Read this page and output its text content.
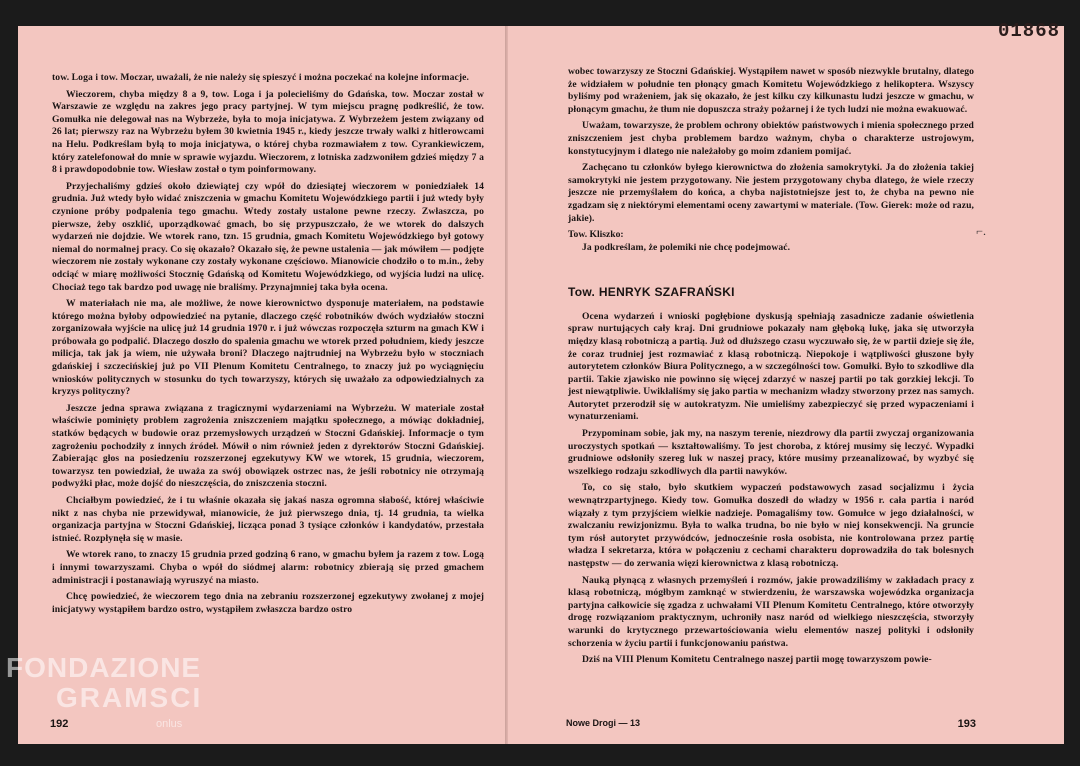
tow. Loga i tow. Moczar, uważali, że nie należy się spieszyć i można poczekać na kolejne informacje.

Wieczorem, chyba między 8 a 9, tow. Loga i ja polecieliśmy do Gdańska, tow. Moczar został w Warszawie ze względu na zakres jego pracy partyjnej. W tym miejscu pragnę podkreślić, że tow. Gomułka nie delegował nas na Wybrzeże, była to moja inicjatywa. Z Wybrzeżem jestem związany od 26 lat; pierwszy raz na Wybrzeżu byłem 30 kwietnia 1945 r., kiedy jeszcze trwały walki z hitlerowcami na Helu. Podkreślam byłą to moja inicjatywa, o której chyba rozmawiałem z tow. Cyrankiewiczem, który zatelefonował do mnie w sprawie wyjazdu. Wieczorem, z lotniska zadzwoniłem gdzieś między 7 a 8 i prawdopodobnie tow. Wiesław został o tym poinformowany.

Przyjechaliśmy gdzieś około dziewiątej czy wpół do dziesiątej wieczorem w poniedziałek 14 grudnia. Już wtedy było widać zniszczenia w gmachu Komitetu Wojewódzkiego partii i już wtedy były czynione próby podpalenia tego gmachu. Wtedy zostały ustalone pewne rzeczy. Zwłaszcza, po pierwsze, żeby oszklić, uporządkować gmach, bo się przypuszczało, że we wtorek do dalszych wydarzeń nie dojdzie. We wtorek rano, tzn. 15 grudnia, gmach Komitetu Wojewódzkiego był gotowy niemal do normalnej pracy. Co się okazało? Okazało się, że pewne ustalenia — jak mówiłem — podjęte wieczorem nie zostały wykonane czy zostały wykonane częściowo. Mianowicie chodziło o to m.in., żeby odciąć w miarę możliwości Stocznię Gdańską od Komitetu Wojewódzkiego, od wyjścia ludzi na ulicę. Chociaż tego tak bardzo pod uwagę nie braliśmy. Przynajmniej taka była ocena.

W materiałach nie ma, ale możliwe, że nowe kierownictwo dysponuje materiałem, na podstawie którego można byłoby odpowiedzieć na pytanie, dlaczego część robotników dwóch wydziałów stoczni zorganizowała wyjście na ulicę już 14 grudnia 1970 r. i już wówczas rozpoczęła szturm na gmach KW i próbowała go podpalić. Dlaczego doszło do spalenia gmachu we wtorek przed południem, kiedy jeszcze milicja, tak jak ja wiem, nie używała broni? Dlaczego najtrudniej na Wybrzeżu było w stoczniach gdańskiej i szczecińskiej już po VII Plenum Komitetu Centralnego, to znaczy już po wyciągnięciu wniosków politycznych w stosunku do tych towarzyszy, których się uważało za odpowiedzialnych za kryzys polityczny?

Jeszcze jedna sprawa związana z tragicznymi wydarzeniami na Wybrzeżu. W materiale został właściwie pominięty problem zagrożenia zniszczeniem majątku społecznego, a mówiąc dokładniej, statków będących w budowie oraz przemysłowych urządzeń w Stoczni Gdańskiej. Informacje o tym zagrożeniu pochodziły z innych źródeł. Mówił o nim również jeden z dyrektorów Stoczni Gdańskiej. Zabierając głos na posiedzeniu rozszerzonej egzekutywy KW we wtorek, 15 grudnia, wieczorem, towarzysz ten powiedział, że uważa za swój obowiązek ostrzec nas, że jeśli robotnicy nie otrzymają podwyżki płac, może dojść do nieszczęścia, do zniszczenia stoczni.

Chciałbym powiedzieć, że i tu właśnie okazała się jakaś nasza ogromna słabość, której właściwie nikt z nas chyba nie przewidywał, mianowicie, że już pierwszego dnia, tj. 14 grudnia, ta wielka organizacja partyjna w Stoczni Gdańskiej, licząca ponad 3 tysiące członków i kandydatów, przestała istnieć. Rozpłynęła się w masie.

We wtorek rano, to znaczy 15 grudnia przed godziną 6 rano, w gmachu byłem ja razem z tow. Logą i innymi towarzyszami. Chyba o wpół do siódmej alarm: robotnicy zbierają się przed gmachem administracji i postanawiają wyruszyć na miasto.

Chcę powiedzieć, że wieczorem tego dnia na zebraniu rozszerzonej egzekutywy zwołanej z mojej inicjatywy wystąpiłem bardzo ostro, wystąpiłem zwłaszcza bardzo ostro

192

wobec towarzyszy ze Stoczni Gdańskiej. Wystąpiłem nawet w sposób niezwykle brutalny, dlatego że widziałem w południe ten płonący gmach Komitetu Wojewódzkiego z helikoptera. Wszyscy byliśmy pod wrażeniem, jak się okazało, że jest kilku czy kilkunastu ludzi jeszcze w gmachu, w płonącym gmachu, że tłum nie dopuszcza straży pożarnej i że tych ludzi nie można ewakuować.

Uważam, towarzysze, że problem ochrony obiektów państwowych i mienia społecznego przed zniszczeniem jest chyba problemem bardzo ważnym, chyba o charakterze ustrojowym, konstytucyjnym i dlatego nie należałoby go moim zdaniem pomijać.

Zachęcano tu członków byłego kierownictwa do złożenia samokrytyki. Ja do złożenia takiej samokrytyki nie jestem przygotowany. Nie jestem przygotowany chyba dlatego, że wiele rzeczy jeszcze nie przemyślałem do końca, a chyba najistotniejsze jest to, że chyba na pewno nie zgadzam się z niektórymi elementami oceny zawartymi w materiale. (Tow. Gierek: może od razu, jakie).

Tow. Kliszko:

Ja podkreślam, że polemiki nie chcę podejmować.

Tow. HENRYK SZAFRAŃSKI

Ocena wydarzeń i wnioski pogłębione dyskusją spełniają zasadnicze zadanie oświetlenia spraw nurtujących cały kraj. Dni grudniowe pokazały nam głęboką lukę, jaka się utworzyła między klasą robotniczą a partią. Już od dłuższego czasu wyczuwało się, że w partii dzieje się źle, że coraz trudniej jest rozmawiać z klasą robotniczą. Niepokoje i wątpliwości głuszone były autorytetem członków Biura Politycznego, a w szczególności tow. Gomułki. Było to szkodliwe dla partii. Takie zjawisko nie powinno się więcej zdarzyć w naszej partii po tak gorzkiej lekcji. To jest niewątpliwie. Uwikłaliśmy się jako partia w mechanizm władzy stworzony przez nas samych. Autorytet przerodził się w autokratyzm. Nie umieliśmy zabezpieczyć się przed wypaczeniami i wynaturzeniami.

Przypominam sobie, jak my, na naszym terenie, niezdrowy dla partii zwyczaj organizowania uroczystych spotkań — kształtowaliśmy. To jest choroba, z której musimy się leczyć. Wypadki grudniowe odsłoniły szereg luk w naszej pracy, które musimy przeanalizować, by wyzbyć się wszelkiego rodzaju szkodliwych dla partii nawyków.

To, co się stało, było skutkiem wypaczeń podstawowych zasad socjalizmu i życia wewnątrzpartyjnego. Kiedy tow. Gomułka doszedł do władzy w 1956 r. cała partia i naród wiązały z tym przyjściem wielkie nadzieje. Pomagaliśmy tow. Gomułce w jego działalności, w zwalczaniu rewizjonizmu. Była to walka trudna, bo nie było w niej konsekwencji. Na gruncie tym rósł autorytet przywódców, jednocześnie rosła osobista, nie kontrolowana przez partię władza I sekretarza, która w połączeniu z cechami charakteru doprowadziła do tak bolesnych następstw — do zerwania więzi kierownictwa z klasą robotniczą.

Nauką płynącą z własnych przemyśleń i rozmów, jakie prowadziliśmy w zakładach pracy z klasą robotniczą, mógłbym zamknąć w stwierdzeniu, że warszawska wojewódzka organizacja partyjna całkowicie się zgadza z uchwałami VII Plenum Komitetu Centralnego, które otworzyły drogę rozwiązaniom praktycznym, uchroniły nasz naród od wielkiego nieszczęścia, stworzyły warunki do krytycznego przewartościowania wielu elementów naszej polityki i odsłoniły schorzenia w życiu partii i funkcjonowaniu państwa.

Dziś na VIII Plenum Komitetu Centralnego naszej partii mogę towarzyszom powie-

Nowe Drogi — 13	193
⌐.
01868
FONDAZIONE
GRAMSCI
onlus
